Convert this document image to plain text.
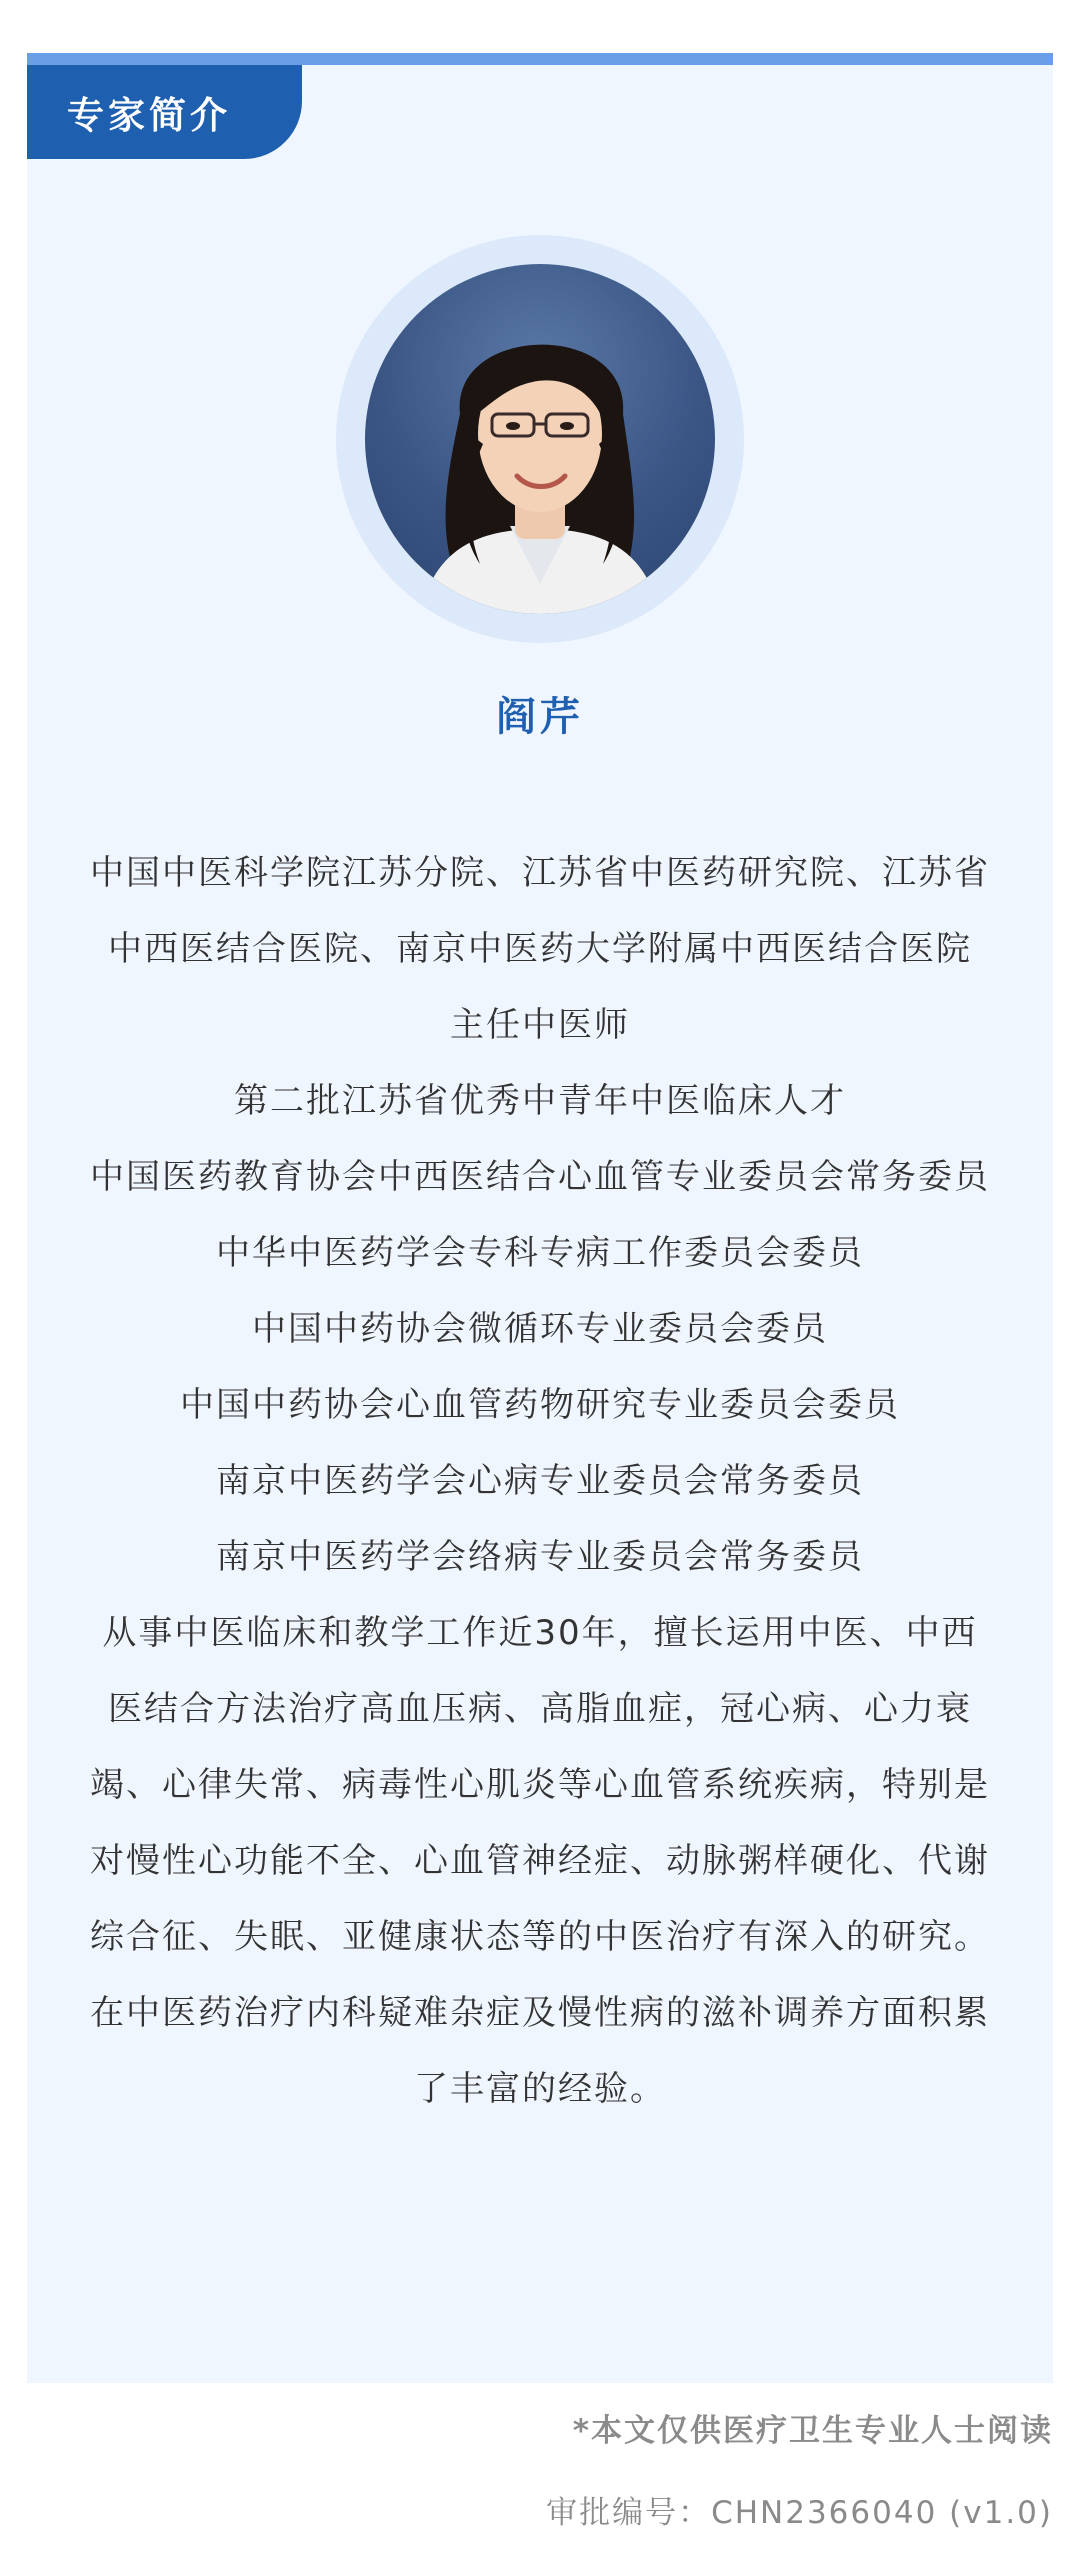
专家简介
阎芹

中国中医科学院江苏分院、江苏省中医药研究院、江苏省中西医结合医院、南京中医药大学附属中西医结合医院 主任中医师

第二批江苏省优秀中青年中医临床人才

中国医药教育协会中西医结合心血管专业委员会常务委员

中华中医药学会专科专病工作委员会委员

中国中药协会微循环专业委员会委员

中国中药协会心血管药物研究专业委员会委员

南京中医药学会心病专业委员会常务委员

南京中医药学会络病专业委员会常务委员

从事中医临床和教学工作近30年，擅长运用中医、中西医结合方法治疗高血压病、高脂血症，冠心病、心力衰竭、心律失常、病毒性心肌炎等心血管系统疾病，特别是对慢性心功能不全、心血管神经症、动脉粥样硬化、代谢综合征、失眠、亚健康状态等的中医治疗有深入的研究。在中医药治疗内科疑难杂症及慢性病的滋补调养方面积累了丰富的经验。

*本文仅供医疗卫生专业人士阅读
审批编号：CHN2366040 (v1.0)
